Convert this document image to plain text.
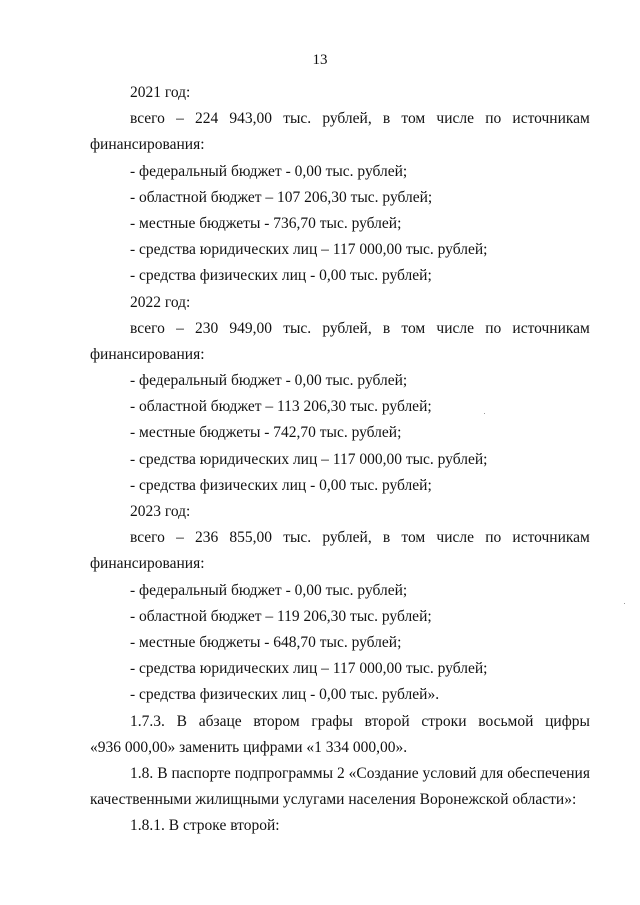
13
2021 год:
всего – 224 943,00 тыс. рублей, в том числе по источникам
финансирования:
- федеральный бюджет - 0,00 тыс. рублей;
- областной бюджет – 107 206,30 тыс. рублей;
- местные бюджеты - 736,70 тыс. рублей;
- средства юридических лиц – 117 000,00 тыс. рублей;
- средства физических лиц - 0,00 тыс. рублей;
2022 год:
всего – 230 949,00 тыс. рублей, в том числе по источникам
финансирования:
- федеральный бюджет - 0,00 тыс. рублей;
- областной бюджет – 113 206,30 тыс. рублей;
- местные бюджеты - 742,70 тыс. рублей;
- средства юридических лиц – 117 000,00 тыс. рублей;
- средства физических лиц - 0,00 тыс. рублей;
2023 год:
всего – 236 855,00 тыс. рублей, в том числе по источникам
финансирования:
- федеральный бюджет - 0,00 тыс. рублей;
- областной бюджет – 119 206,30 тыс. рублей;
- местные бюджеты - 648,70 тыс. рублей;
- средства юридических лиц – 117 000,00 тыс. рублей;
- средства физических лиц - 0,00 тыс. рублей».
1.7.3. В абзаце втором графы второй строки восьмой цифры
«936 000,00» заменить цифрами «1 334 000,00».
1.8. В паспорте подпрограммы 2 «Создание условий для обеспечения
качественными жилищными услугами населения Воронежской области»:
1.8.1. В строке второй:
